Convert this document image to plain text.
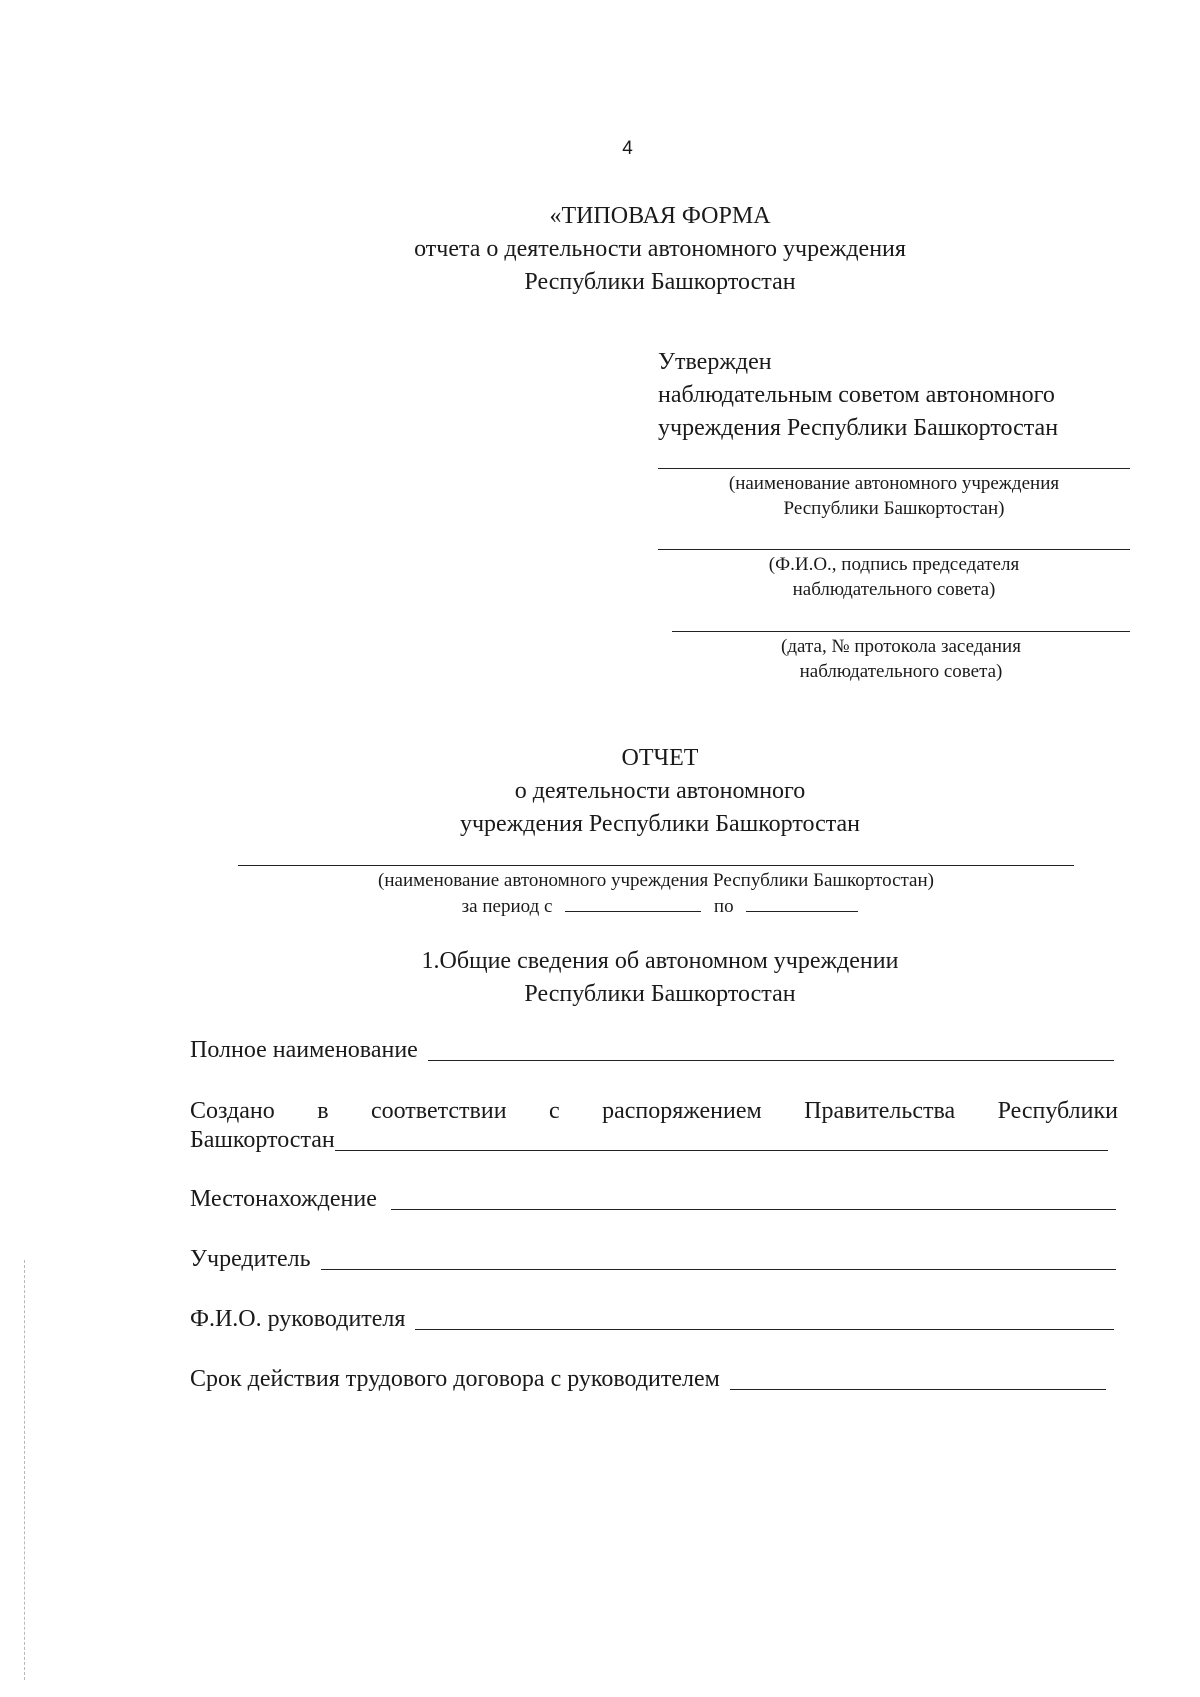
4
«ТИПОВАЯ ФОРМА
отчета о деятельности автономного учреждения
Республики Башкортостан
Утвержден
наблюдательным советом автономного
учреждения Республики Башкортостан
(наименование автономного учреждения
Республики Башкортостан)
(Ф.И.О., подпись председателя
наблюдательного совета)
(дата, № протокола заседания
наблюдательного совета)
ОТЧЕТ
о деятельности автономного
учреждения Республики Башкортостан
(наименование автономного учреждения Республики Башкортостан)
за период с	по
1.Общие сведения об автономном учреждении
Республики Башкортостан
Полное наименование
Создано в соответствии с распоряжением Правительства Республики
Башкортостан
Местонахождение
Учредитель
Ф.И.О. руководителя
Срок действия трудового договора с руководителем
